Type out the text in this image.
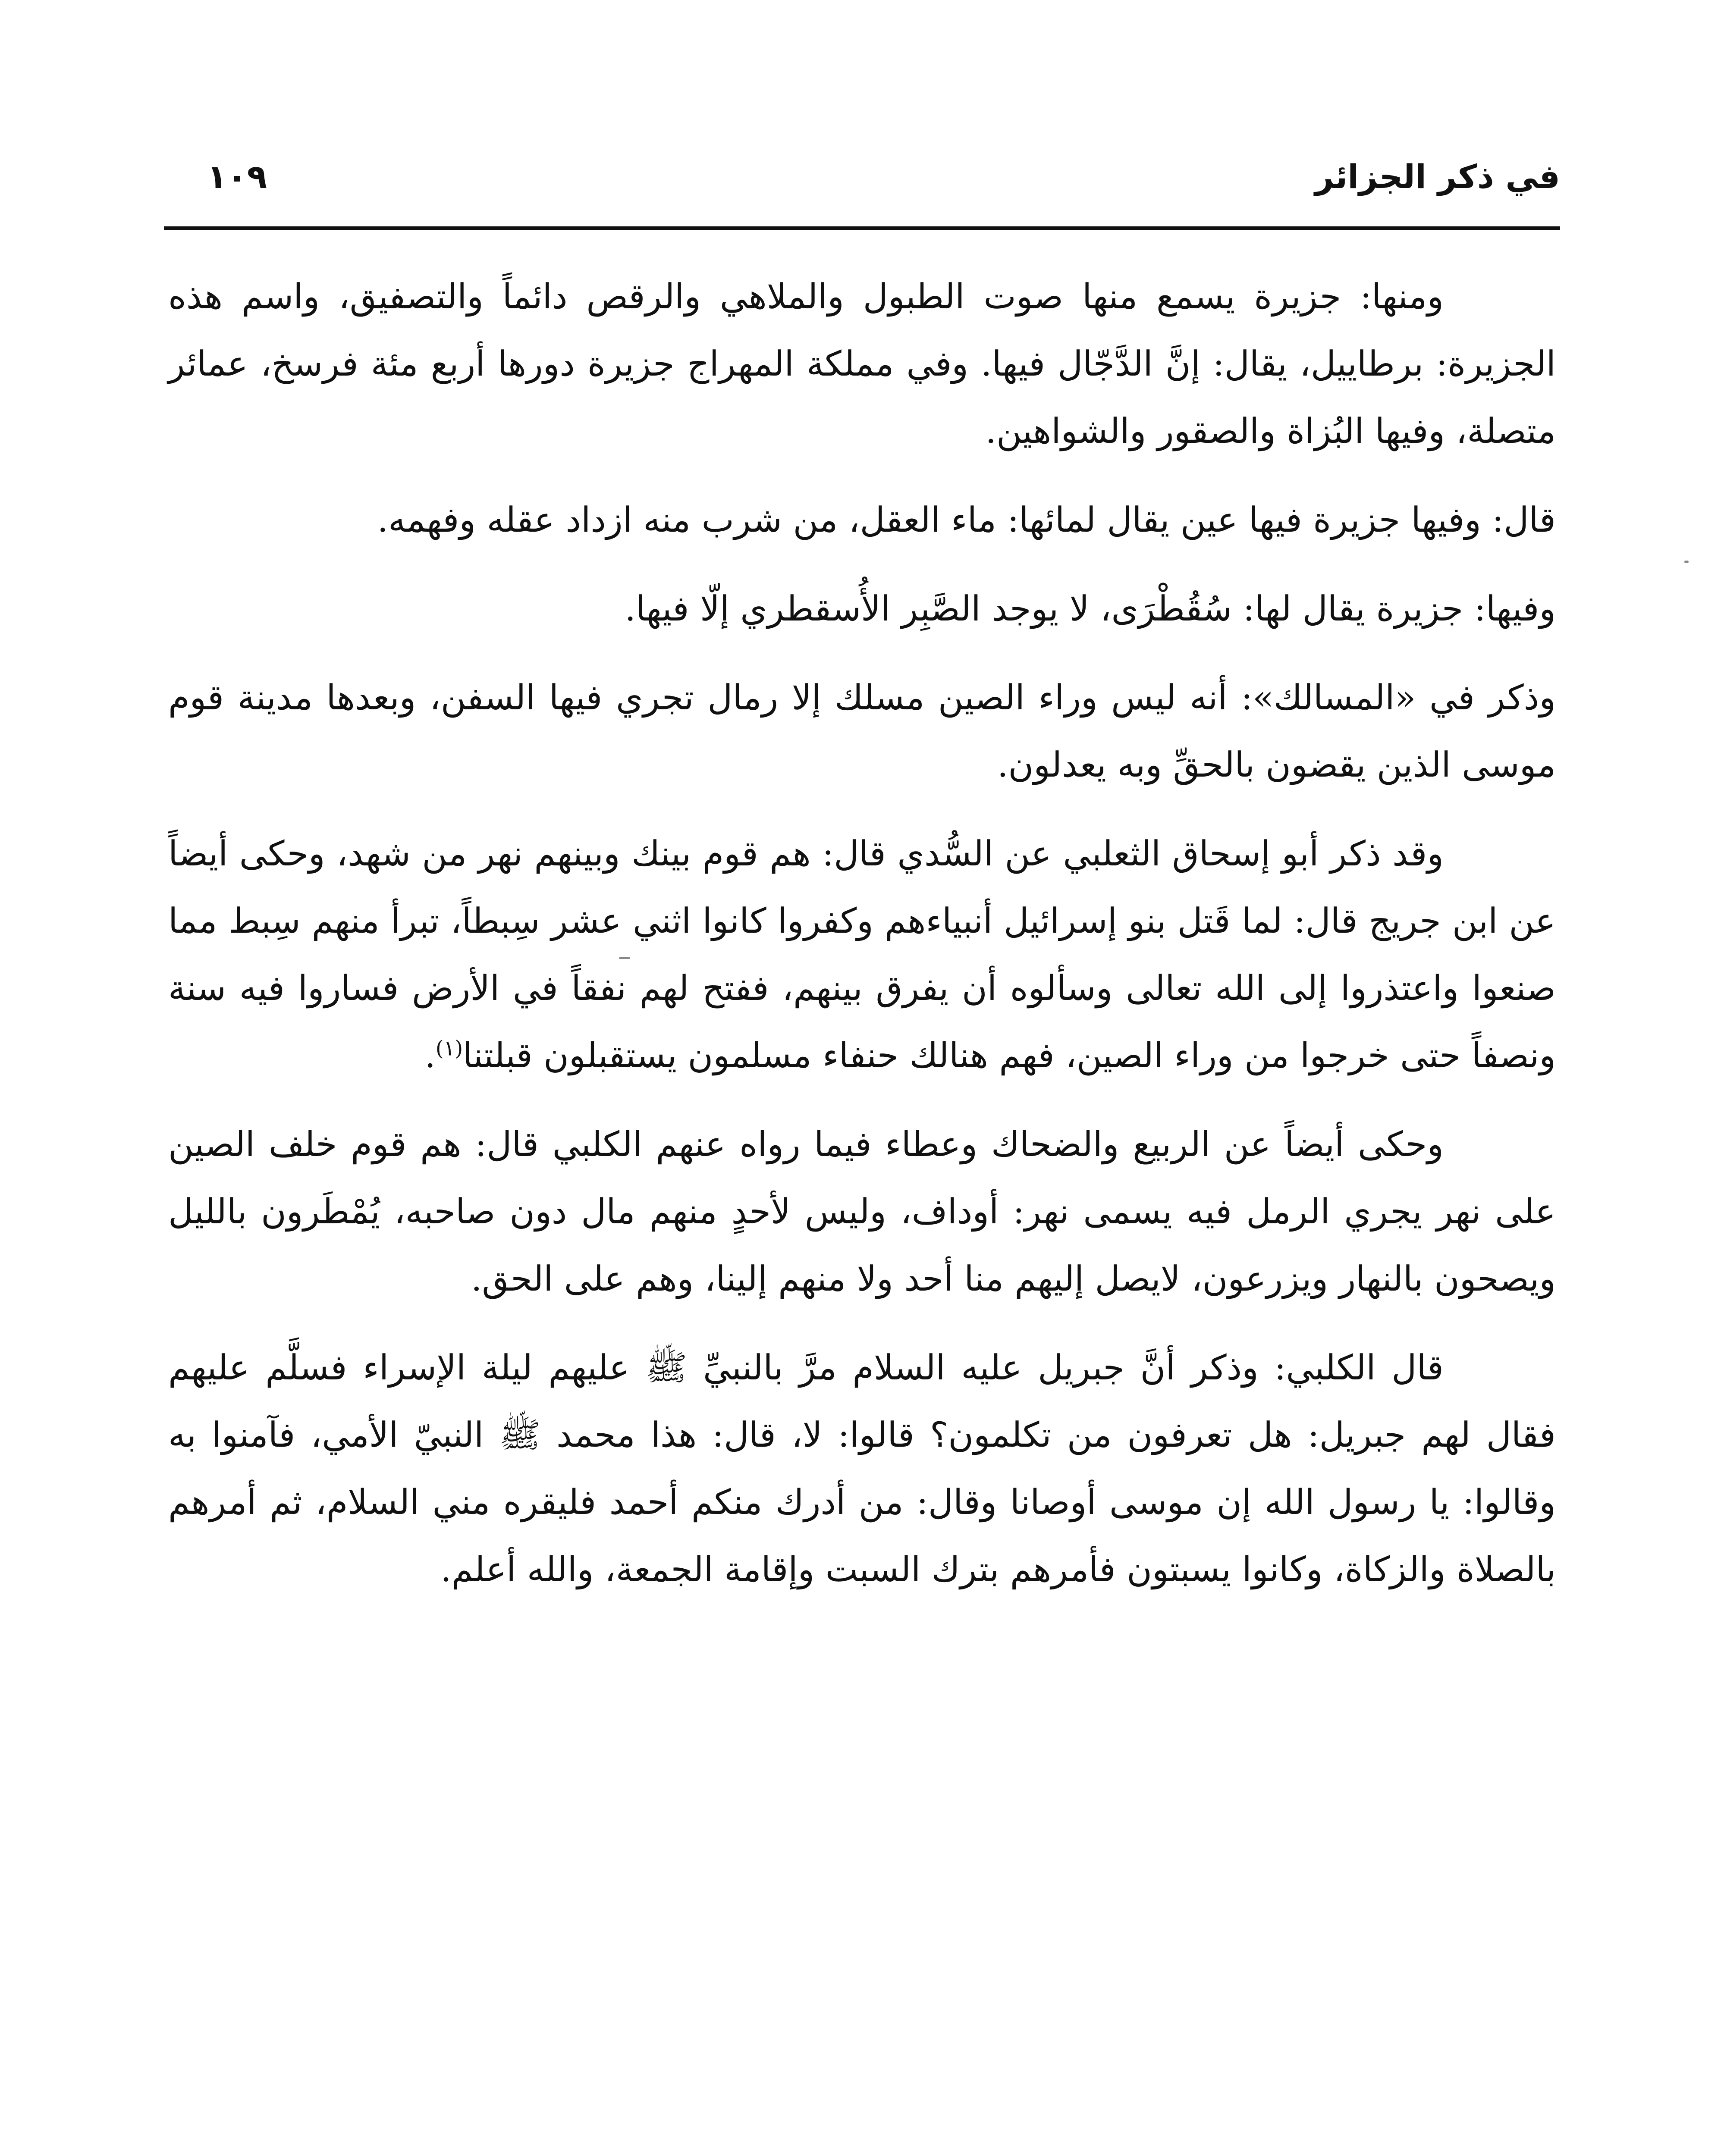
في ذكر الجزائر
١٠٩

ومنها: جزيرة يسمع منها صوت الطبول والملاهي والرقص دائماً والتصفيق، واسم هذه الجزيرة: برطاييل، يقال: إنَّ الدَّجّال فيها. وفي مملكة المهراج جزيرة دورها أربع مئة فرسخ، عمائر متصلة، وفيها البُزاة والصقور والشواهين.

قال: وفيها جزيرة فيها عين يقال لمائها: ماء العقل، من شرب منه ازداد عقله وفهمه.

وفيها: جزيرة يقال لها: سُقُطْرَى، لا يوجد الصَّبِر الأُسقطري إلّا فيها.

وذكر في «المسالك»: أنه ليس وراء الصين مسلك إلا رمال تجري فيها السفن، وبعدها مدينة قوم موسى الذين يقضون بالحقِّ وبه يعدلون.

وقد ذكر أبو إسحاق الثعلبي عن السُّدي قال: هم قوم بينك وبينهم نهر من شهد، وحكى أيضاً عن ابن جريج قال: لما قَتل بنو إسرائيل أنبياءهم وكفروا كانوا اثني عشر سِبطاً، تبرأ منهم سِبط مما صنعوا واعتذروا إلى الله تعالى وسألوه أن يفرق بينهم، ففتح لهم نفقاً في الأرض فساروا فيه سنة ونصفاً حتى خرجوا من وراء الصين، فهم هنالك حنفاء مسلمون يستقبلون قبلتنا$^{(١)}$.

وحكى أيضاً عن الربيع والضحاك وعطاء فيما رواه عنهم الكلبي قال: هم قوم خلف الصين على نهر يجري الرمل فيه يسمى نهر: أوداف، وليس لأحدٍ منهم مال دون صاحبه، يُمْطَرون بالليل ويصحون بالنهار ويزرعون، لايصل إليهم منا أحد ولا منهم إلينا، وهم على الحق.

قال الكلبي: وذكر أنَّ جبريل عليه السلام مرَّ بالنبيِّ ﷺ عليهم ليلة الإسراء فسلَّم عليهم فقال لهم جبريل: هل تعرفون من تكلمون؟ قالوا: لا، قال: هذا محمد ﷺ النبيّ الأمي، فآمنوا به وقالوا: يا رسول الله إن موسى أوصانا وقال: من أدرك منكم أحمد فليقره مني السلام، ثم أمرهم بالصلاة والزكاة، وكانوا يسبتون فأمرهم بترك السبت وإقامة الجمعة، والله أعلم.
